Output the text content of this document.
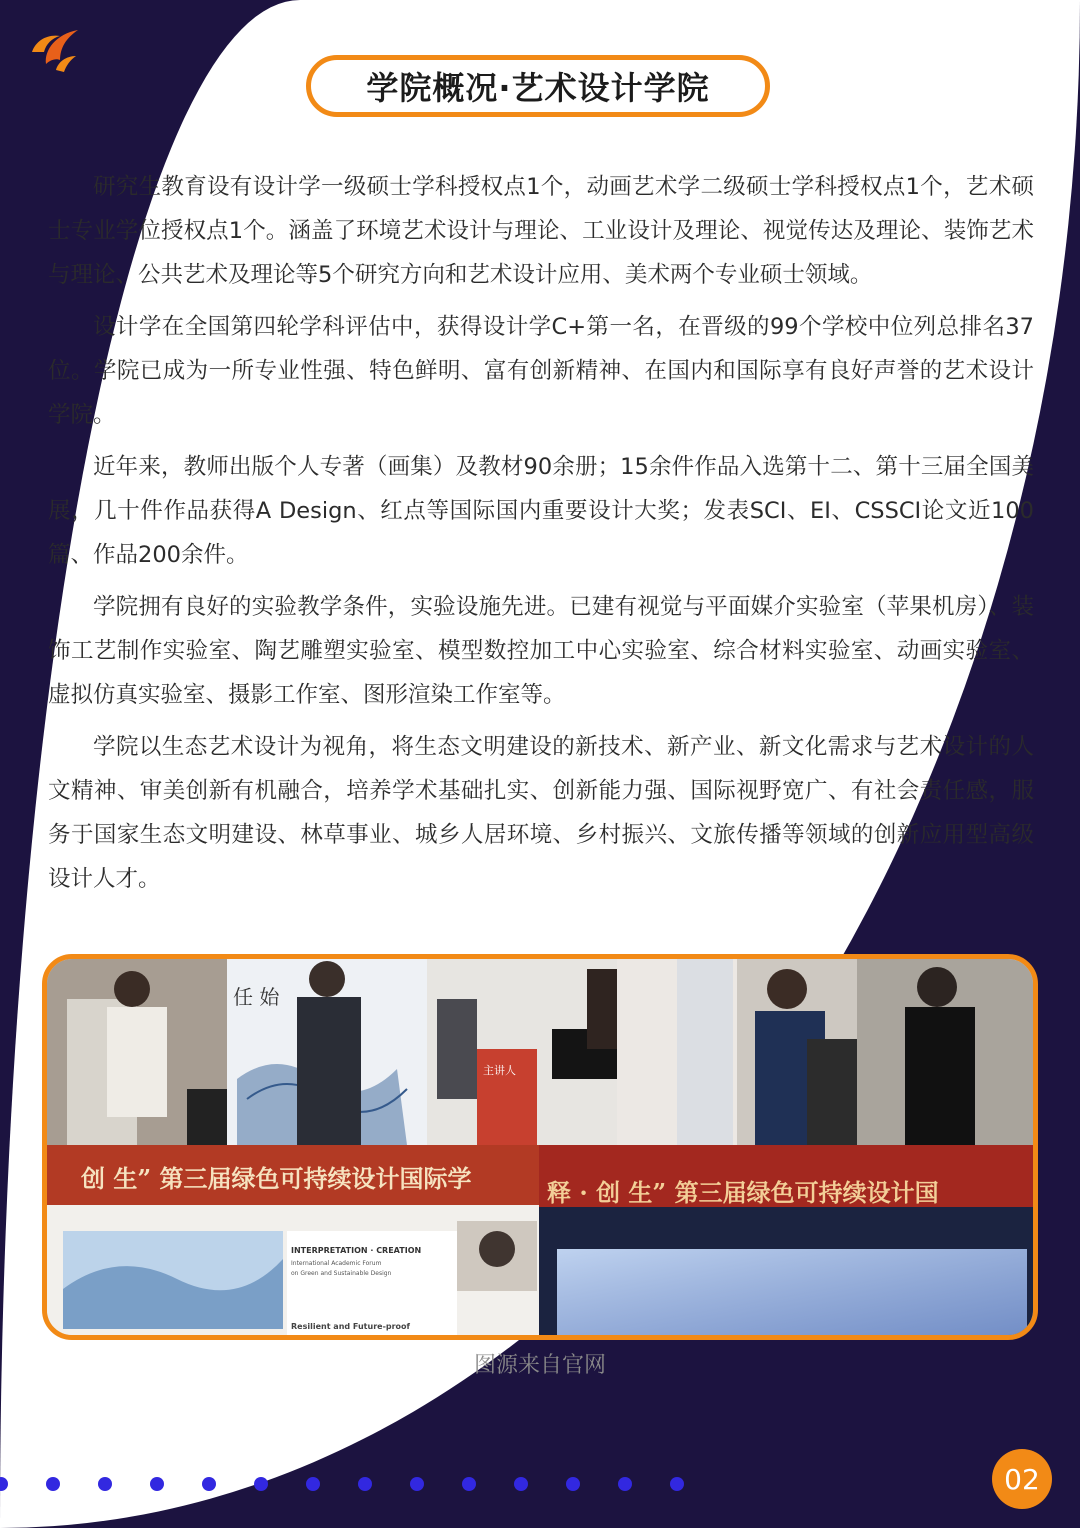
学院概况·艺术设计学院

研究生教育设有设计学一级硕士学科授权点1个，动画艺术学二级硕士学科授权点1个，艺术硕士专业学位授权点1个。涵盖了环境艺术设计与理论、工业设计及理论、视觉传达及理论、装饰艺术与理论、公共艺术及理论等5个研究方向和艺术设计应用、美术两个专业硕士领域。

设计学在全国第四轮学科评估中，获得设计学C+第一名，在晋级的99个学校中位列总排名37位。学院已成为一所专业性强、特色鲜明、富有创新精神、在国内和国际享有良好声誉的艺术设计学院。

近年来，教师出版个人专著（画集）及教材90余册；15余件作品入选第十二、第十三届全国美展，几十件作品获得A Design、红点等国际国内重要设计大奖；发表SCI、EI、CSSCI论文近100篇、作品200余件。

学院拥有良好的实验教学条件，实验设施先进。已建有视觉与平面媒介实验室（苹果机房）、装饰工艺制作实验室、陶艺雕塑实验室、模型数控加工中心实验室、综合材料实验室、动画实验室、虚拟仿真实验室、摄影工作室、图形渲染工作室等。

学院以生态艺术设计为视角，将生态文明建设的新技术、新产业、新文化需求与艺术设计的人文精神、审美创新有机融合，培养学术基础扎实、创新能力强、国际视野宽广、有社会责任感，服务于国家生态文明建设、林草事业、城乡人居环境、乡村振兴、文旅传播等领域的创新应用型高级设计人才。

任 始
主讲人
创 生” 第三届绿色可持续设计国际学	释 · 创 生” 第三届绿色可持续设计国
INTERPRETATION · CREATION
International Academic Forum
on Green and Sustainable Design
Resilient and Future-proof
图源来自官网
02
